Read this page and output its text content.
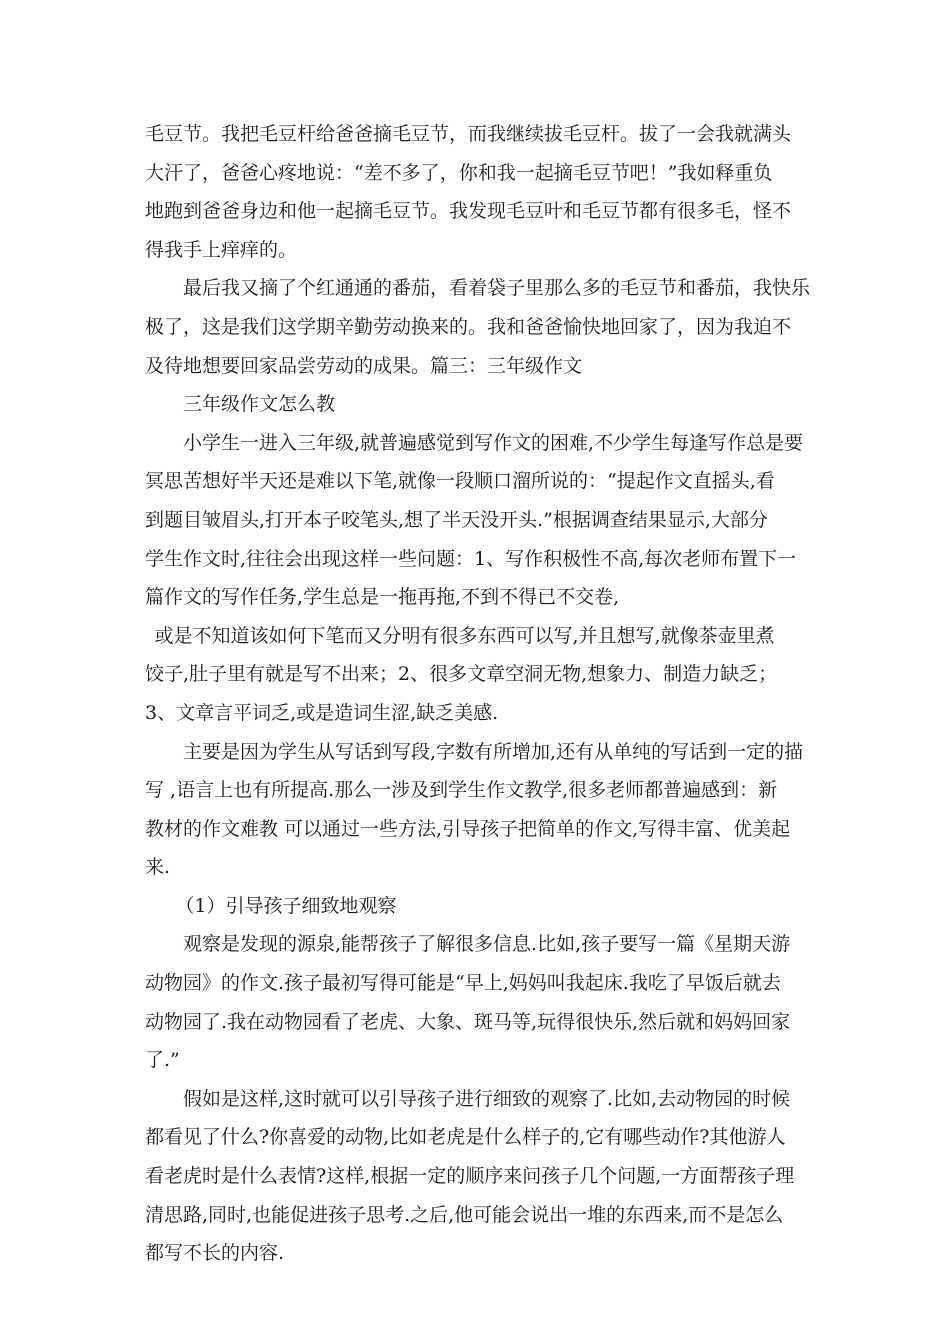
毛豆节。我把毛豆杆给爸爸摘毛豆节，而我继续拔毛豆杆。拔了一会我就满头
大汗了，爸爸心疼地说：“差不多了，你和我一起摘毛豆节吧！”我如释重负
地跑到爸爸身边和他一起摘毛豆节。我发现毛豆叶和毛豆节都有很多毛，怪不
得我手上痒痒的。

最后我又摘了个红通通的番茄，看着袋子里那么多的毛豆节和番茄，我快乐
极了，这是我们这学期辛勤劳动换来的。我和爸爸愉快地回家了，因为我迫不
及待地想要回家品尝劳动的成果。篇三：三年级作文

三年级作文怎么教

小学生一进入三年级,就普遍感觉到写作文的困难,不少学生每逢写作总是要
冥思苦想好半天还是难以下笔,就像一段顺口溜所说的：“提起作文直摇头,看
到题目皱眉头,打开本子咬笔头,想了半天没开头.”根据调查结果显示,大部分
学生作文时,往往会出现这样一些问题：1、写作积极性不高,每次老师布置下一
篇作文的写作任务,学生总是一拖再拖,不到不得已不交卷,

或是不知道该如何下笔而又分明有很多东西可以写,并且想写,就像茶壶里煮
饺子,肚子里有就是写不出来；2、很多文章空洞无物,想象力、制造力缺乏；
3、文章言平词乏,或是造词生涩,缺乏美感.

主要是因为学生从写话到写段,字数有所增加,还有从单纯的写话到一定的描
写 ,语言上也有所提高.那么一涉及到学生作文教学,很多老师都普遍感到：新
教材的作文难教 可以通过一些方法,引导孩子把简单的作文,写得丰富、优美起
来.

（1）引导孩子细致地观察

观察是发现的源泉,能帮孩子了解很多信息.比如,孩子要写一篇《星期天游
动物园》的作文.孩子最初写得可能是“早上,妈妈叫我起床.我吃了早饭后就去
动物园了.我在动物园看了老虎、大象、斑马等,玩得很快乐,然后就和妈妈回家
了.”

假如是这样,这时就可以引导孩子进行细致的观察了.比如,去动物园的时候
都看见了什么?你喜爱的动物,比如老虎是什么样子的,它有哪些动作?其他游人
看老虎时是什么表情?这样,根据一定的顺序来问孩子几个问题,一方面帮孩子理
清思路,同时,也能促进孩子思考.之后,他可能会说出一堆的东西来,而不是怎么
都写不长的内容.
